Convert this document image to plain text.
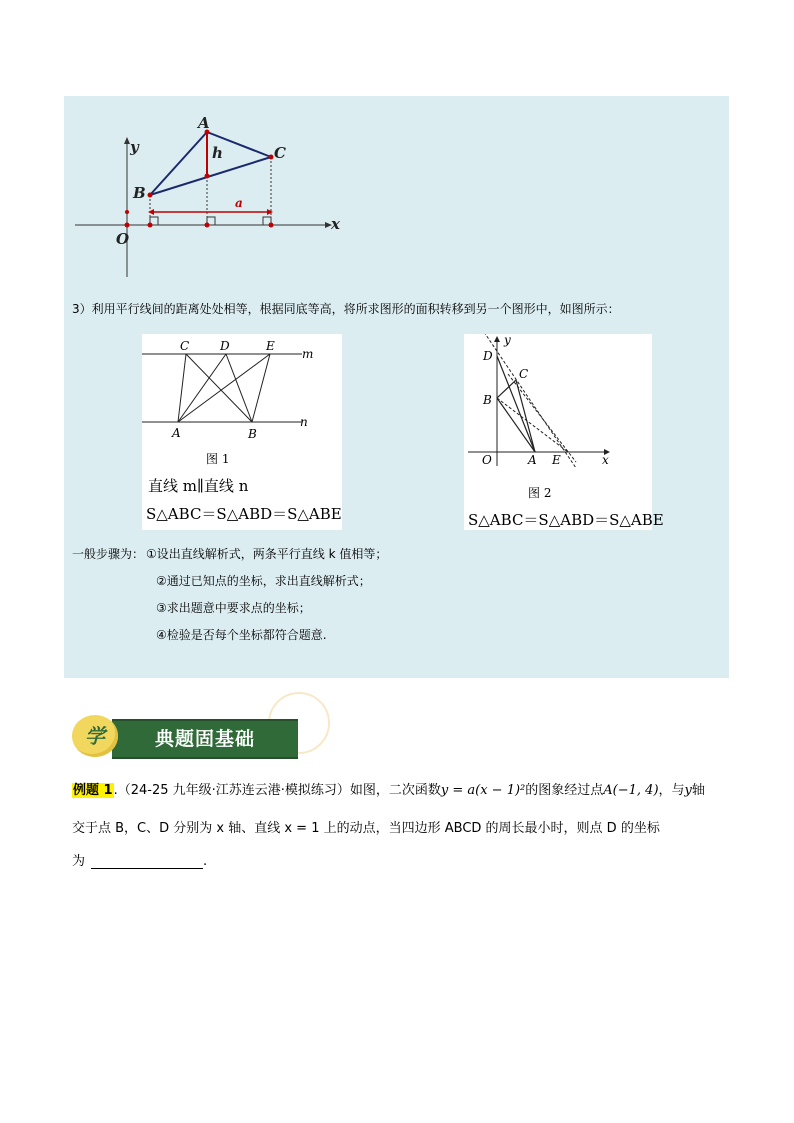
A
C
B
h
a
x
y
O
3）利用平行线间的距离处处相等，根据同底等高，将所求图形的面积转移到另一个图形中，如图所示：
C	D	E
m
n
A	B
图 1
直线 m∥直线 n
S△ABC＝S△ABD＝S△ABE
y
D
C
B
O	A E	x
图 2
S△ABC＝S△ABD＝S△ABE
一般步骤为： ①设出直线解析式，两条平行直线 k 值相等；
②通过已知点的坐标，求出直线解析式；
③求出题意中要求点的坐标；
④检验是否每个坐标都符合题意.
典题固基础
学
例题 1.（24-25 九年级·江苏连云港·模拟练习）如图，二次函数y = a(x − 1)²的图象经过点A(−1, 4)，与y轴
交于点 B，C、D 分别为 x 轴、直线 x = 1 上的动点，当四边形 ABCD 的周长最小时，则点 D 的坐标
为	.
